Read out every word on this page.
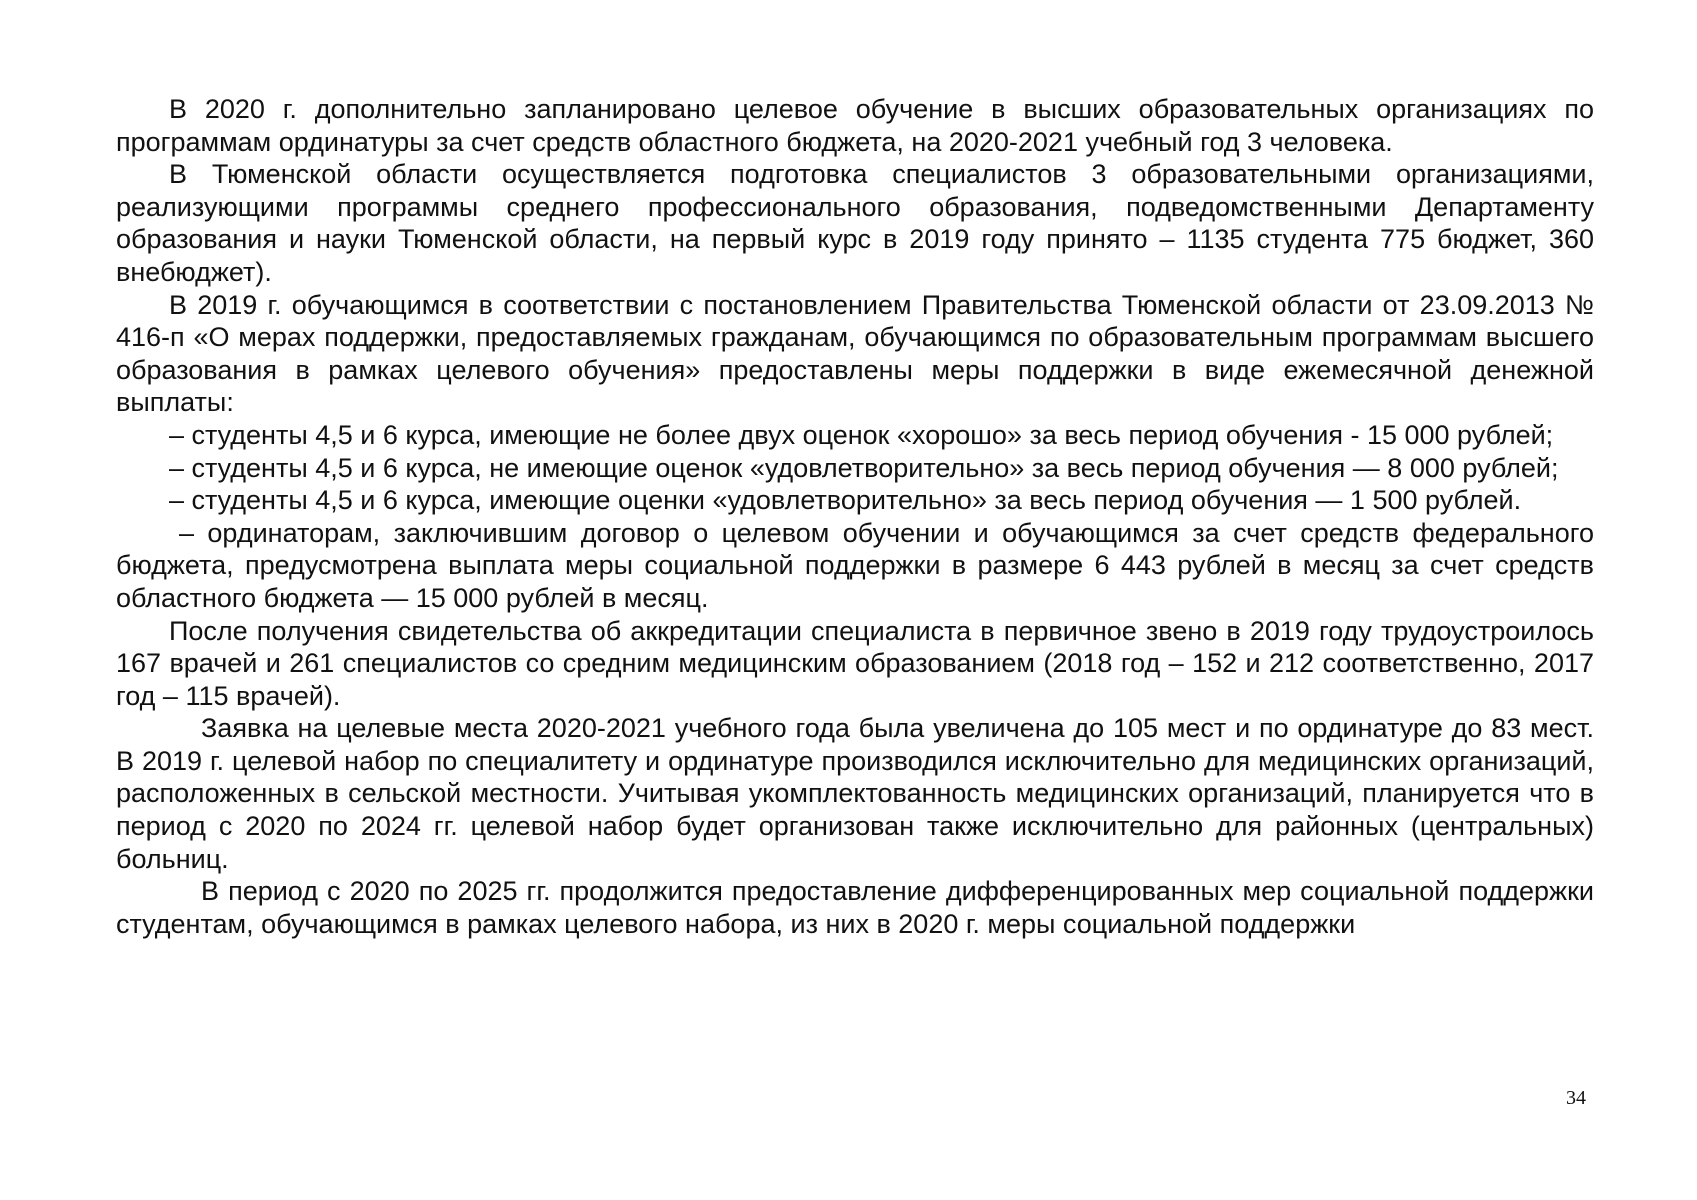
В 2020 г. дополнительно запланировано целевое обучение в высших образовательных организациях по программам ординатуры за счет средств областного бюджета, на 2020-2021 учебный год 3 человека.

В Тюменской области осуществляется подготовка специалистов 3 образовательными организациями, реализующими программы среднего профессионального образования, подведомственными Департаменту образования и науки Тюменской области, на первый курс в 2019 году принято – 1135 студента 775 бюджет, 360 внебюджет).

В 2019 г. обучающимся в соответствии с постановлением Правительства Тюменской области от 23.09.2013 № 416-п «О мерах поддержки, предоставляемых гражданам, обучающимся по образовательным программам высшего образования в рамках целевого обучения» предоставлены меры поддержки в виде ежемесячной денежной выплаты:

– студенты 4,5 и 6 курса, имеющие не более двух оценок «хорошо» за весь период обучения - 15 000 рублей;

– студенты 4,5 и 6 курса, не имеющие оценок «удовлетворительно» за весь период обучения — 8 000 рублей;

– студенты 4,5 и 6 курса, имеющие оценки «удовлетворительно» за весь период обучения — 1 500 рублей.

– ординаторам, заключившим договор о целевом обучении и обучающимся за счет средств федерального бюджета, предусмотрена выплата меры социальной поддержки в размере 6 443 рублей в месяц за счет средств областного бюджета — 15 000 рублей в месяц.

После получения свидетельства об аккредитации специалиста в первичное звено в 2019 году трудоустроилось 167 врачей и 261 специалистов со средним медицинским образованием (2018 год – 152 и 212 соответственно, 2017 год – 115 врачей).

Заявка на целевые места 2020-2021 учебного года была увеличена до 105 мест и по ординатуре до 83 мест. В 2019 г. целевой набор по специалитету и ординатуре производился исключительно для медицинских организаций, расположенных в сельской местности. Учитывая укомплектованность медицинских организаций, планируется что в период с 2020 по 2024 гг. целевой набор будет организован также исключительно для районных (центральных) больниц.

В период с 2020 по 2025 гг. продолжится предоставление дифференцированных мер социальной поддержки студентам, обучающимся в рамках целевого набора, из них в 2020 г. меры социальной поддержки

34
